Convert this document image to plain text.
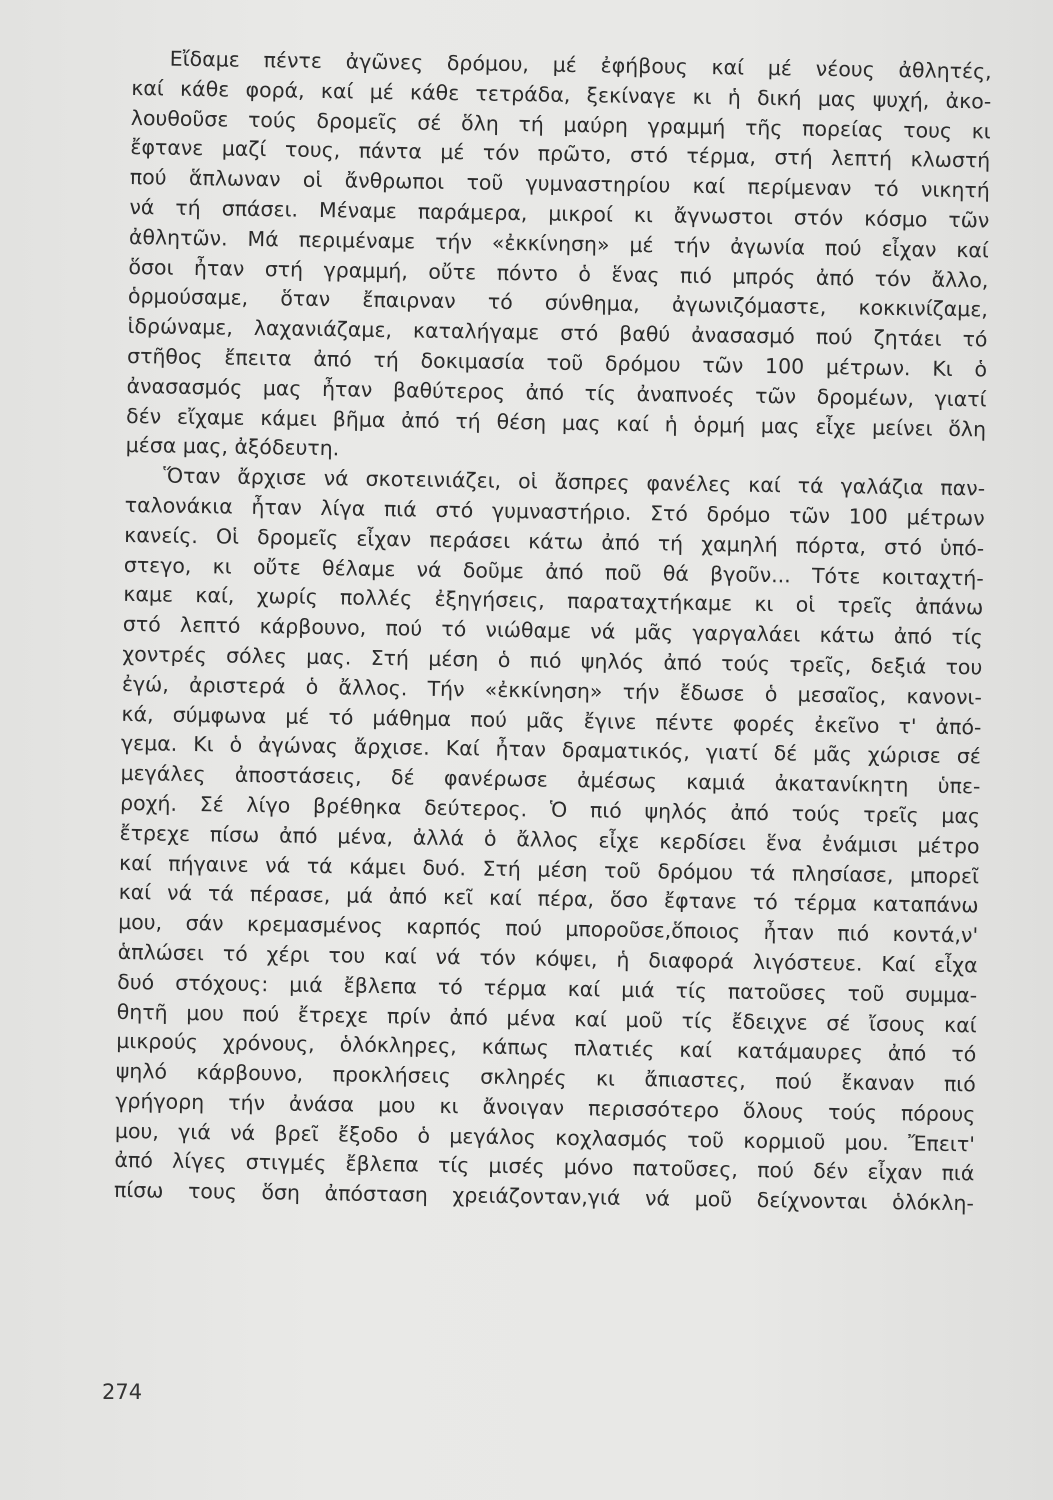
Εἴδαμε πέντε ἀγῶνες δρόμου, μέ ἐφήβους καί μέ νέους ἀθλητές,
καί κάθε φορά, καί μέ κάθε τετράδα, ξεκίναγε κι ἡ δική μας ψυχή, ἀκο-
λουθοῦσε τούς δρομεῖς σέ ὅλη τή μαύρη γραμμή τῆς πορείας τους κι
ἔφτανε μαζί τους, πάντα μέ τόν πρῶτο, στό τέρμα, στή λεπτή κλωστή
πού ἅπλωναν οἱ ἄνθρωποι τοῦ γυμναστηρίου καί περίμεναν τό νικητή
νά τή σπάσει. Μέναμε παράμερα, μικροί κι ἄγνωστοι στόν κόσμο τῶν
ἀθλητῶν. Μά περιμέναμε τήν «ἐκκίνηση» μέ τήν ἀγωνία πού εἶχαν καί
ὅσοι ἦταν στή γραμμή, οὔτε πόντο ὁ ἕνας πιό μπρός ἀπό τόν ἄλλο,
ὁρμούσαμε, ὅταν ἔπαιρναν τό σύνθημα, ἀγωνιζόμαστε, κοκκινίζαμε,
ἱδρώναμε, λαχανιάζαμε, καταλήγαμε στό βαθύ ἀνασασμό πού ζητάει τό
στῆθος ἔπειτα ἀπό τή δοκιμασία τοῦ δρόμου τῶν 100 μέτρων. Κι ὁ
ἀνασασμός μας ἦταν βαθύτερος ἀπό τίς ἀναπνοές τῶν δρομέων, γιατί
δέν εἴχαμε κάμει βῆμα ἀπό τή θέση μας καί ἡ ὁρμή μας εἶχε μείνει ὅλη
μέσα μας, ἀξόδευτη.
Ὅταν ἄρχισε νά σκοτεινιάζει, οἱ ἄσπρες φανέλες καί τά γαλάζια παν-
ταλονάκια ἦταν λίγα πιά στό γυμναστήριο. Στό δρόμο τῶν 100 μέτρων
κανείς. Οἱ δρομεῖς εἶχαν περάσει κάτω ἀπό τή χαμηλή πόρτα, στό ὑπό-
στεγο, κι οὔτε θέλαμε νά δοῦμε ἀπό ποῦ θά βγοῦν... Τότε κοιταχτή-
καμε καί, χωρίς πολλές ἐξηγήσεις, παραταχτήκαμε κι οἱ τρεῖς ἀπάνω
στό λεπτό κάρβουνο, πού τό νιώθαμε νά μᾶς γαργαλάει κάτω ἀπό τίς
χοντρές σόλες μας. Στή μέση ὁ πιό ψηλός ἀπό τούς τρεῖς, δεξιά του
ἐγώ, ἀριστερά ὁ ἄλλος. Τήν «ἐκκίνηση» τήν ἔδωσε ὁ μεσαῖος, κανονι-
κά, σύμφωνα μέ τό μάθημα πού μᾶς ἔγινε πέντε φορές ἐκεῖνο τ' ἀπό-
γεμα. Κι ὁ ἀγώνας ἄρχισε. Καί ἦταν δραματικός, γιατί δέ μᾶς χώρισε σέ
μεγάλες ἀποστάσεις, δέ φανέρωσε ἀμέσως καμιά ἀκατανίκητη ὑπε-
ροχή. Σέ λίγο βρέθηκα δεύτερος. Ὁ πιό ψηλός ἀπό τούς τρεῖς μας
ἔτρεχε πίσω ἀπό μένα, ἀλλά ὁ ἄλλος εἶχε κερδίσει ἕνα ἐνάμισι μέτρο
καί πήγαινε νά τά κάμει δυό. Στή μέση τοῦ δρόμου τά πλησίασε, μπορεῖ
καί νά τά πέρασε, μά ἀπό κεῖ καί πέρα, ὅσο ἔφτανε τό τέρμα καταπάνω
μου, σάν κρεμασμένος καρπός πού μποροῦσε,ὅποιος ἦταν πιό κοντά,ν'
ἁπλώσει τό χέρι του καί νά τόν κόψει, ἡ διαφορά λιγόστευε. Καί εἶχα
δυό στόχους: μιά ἔβλεπα τό τέρμα καί μιά τίς πατοῦσες τοῦ συμμα-
θητῆ μου πού ἔτρεχε πρίν ἀπό μένα καί μοῦ τίς ἔδειχνε σέ ἴσους καί
μικρούς χρόνους, ὁλόκληρες, κάπως πλατιές καί κατάμαυρες ἀπό τό
ψηλό κάρβουνο, προκλήσεις σκληρές κι ἄπιαστες, πού ἔκαναν πιό
γρήγορη τήν ἀνάσα μου κι ἄνοιγαν περισσότερο ὅλους τούς πόρους
μου, γιά νά βρεῖ ἔξοδο ὁ μεγάλος κοχλασμός τοῦ κορμιοῦ μου. Ἔπειτ'
ἀπό λίγες στιγμές ἔβλεπα τίς μισές μόνο πατοῦσες, πού δέν εἶχαν πιά
πίσω τους ὅση ἀπόσταση χρειάζονταν,γιά νά μοῦ δείχνονται ὁλόκλη-
274
